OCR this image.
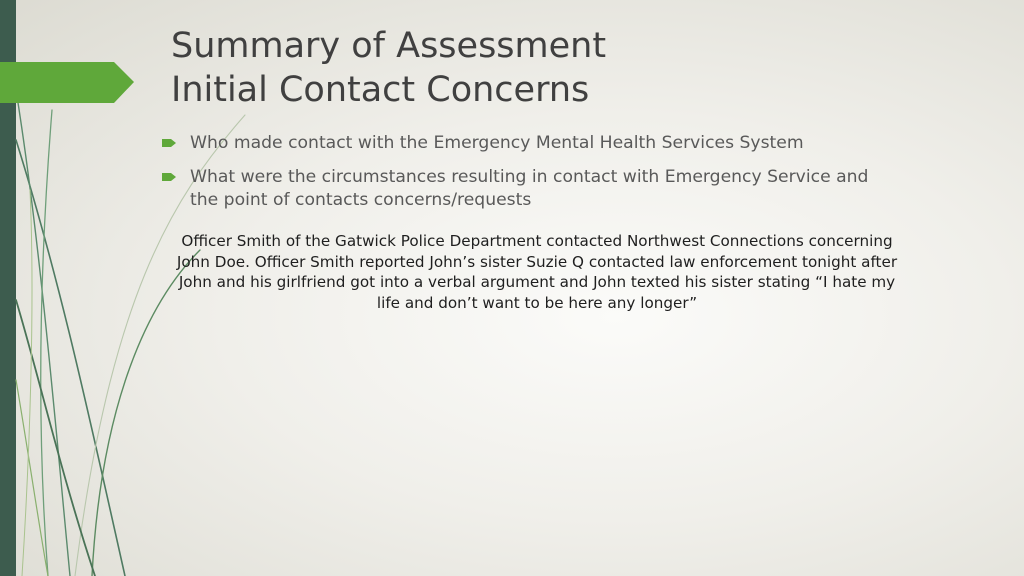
Summary of Assessment
Initial Contact Concerns
Who made contact with the Emergency Mental Health Services System
What were the circumstances resulting in contact with Emergency Service and the point of contacts concerns/requests

Officer Smith of the Gatwick Police Department contacted Northwest Connections concerning John Doe. Officer Smith reported John’s sister Suzie Q contacted law enforcement tonight after John and his girlfriend got into a verbal argument and John texted his sister stating “I hate my life and don’t want to be here any longer”
